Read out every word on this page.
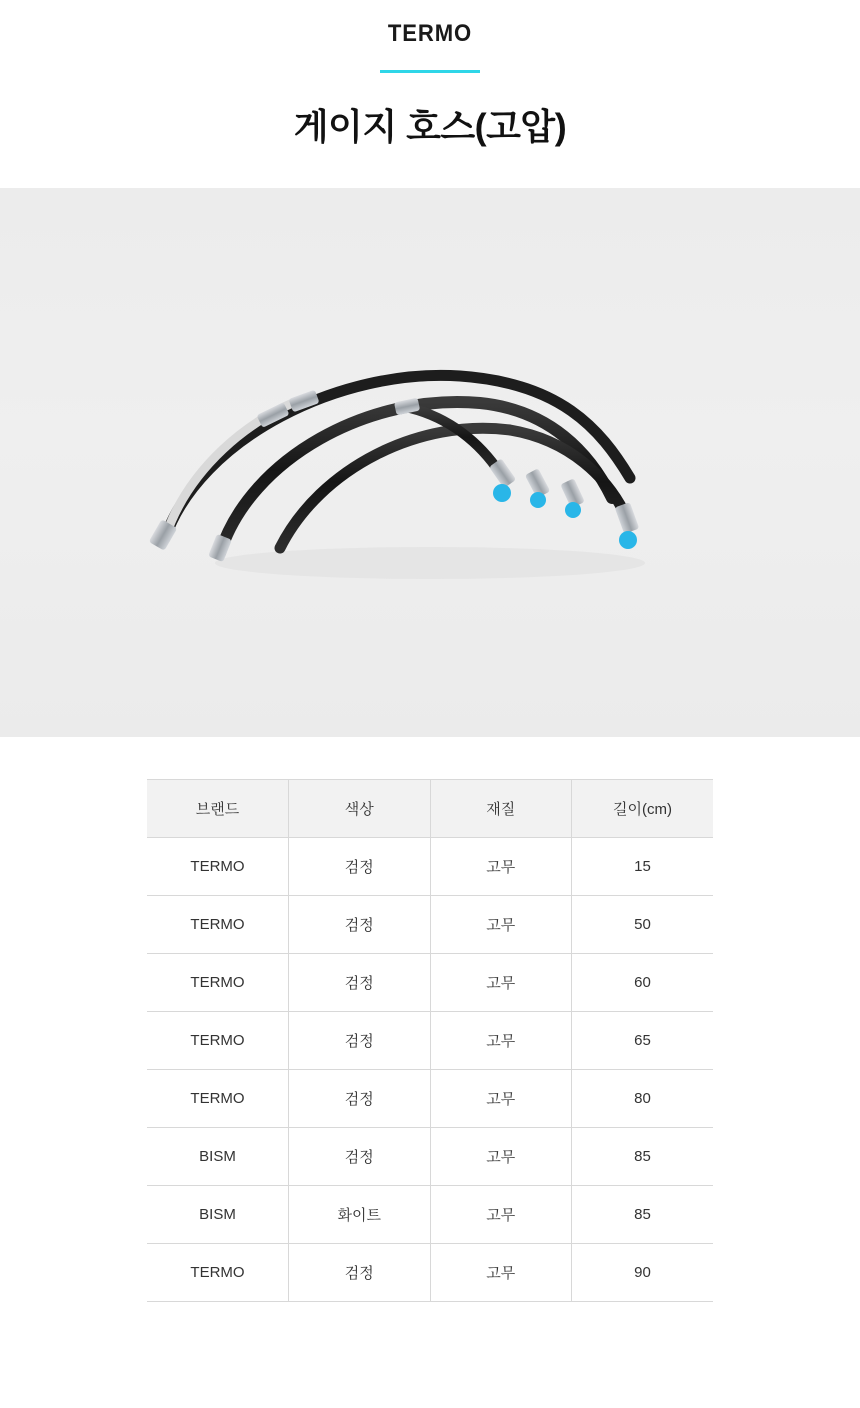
TERMO
게이지 호스(고압)
브랜드	색상	재질	길이(cm)
TERMO	검정	고무	15
TERMO	검정	고무	50
TERMO	검정	고무	60
TERMO	검정	고무	65
TERMO	검정	고무	80
BISM	검정	고무	85
BISM	화이트	고무	85
TERMO	검정	고무	90
